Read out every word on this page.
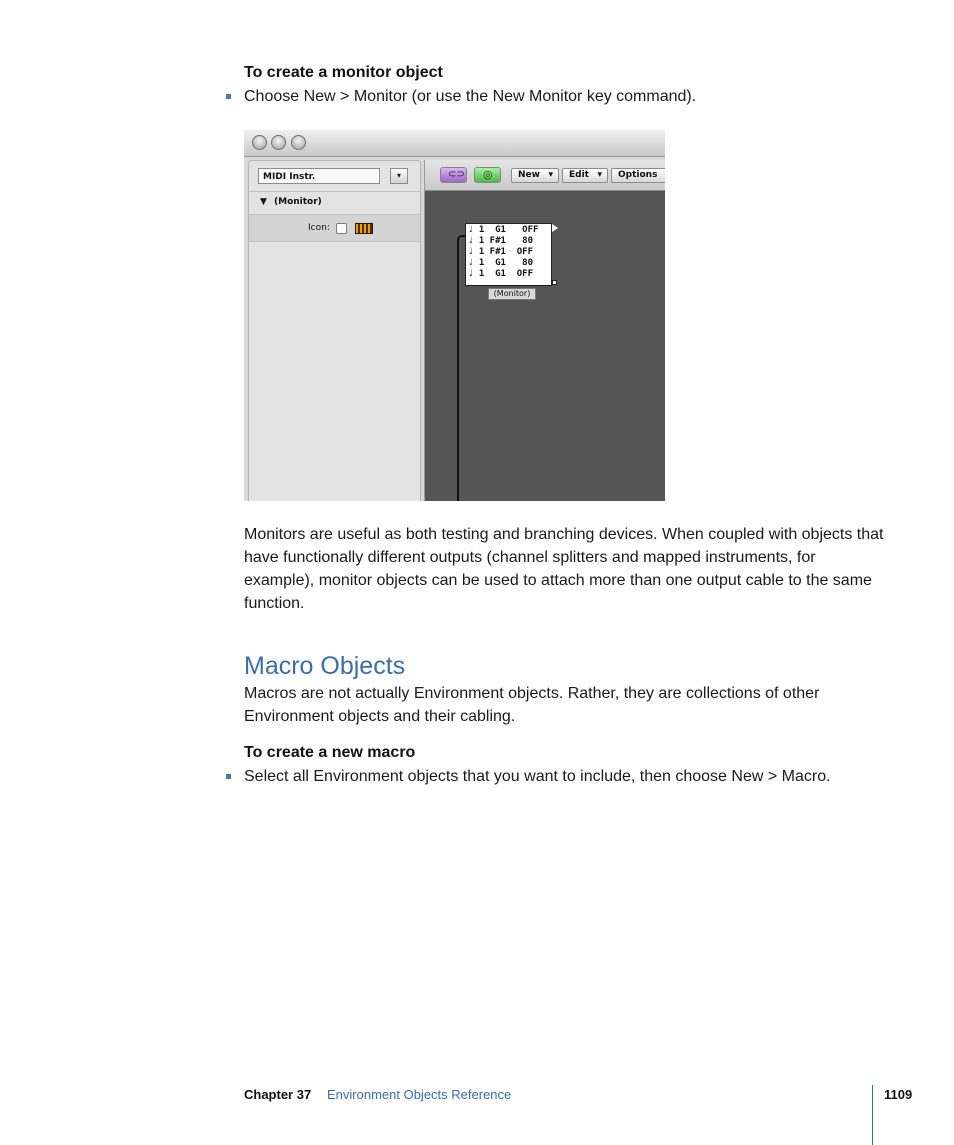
To create a monitor object
Choose New > Monitor (or use the New Monitor key command).
MIDI Instr.	▾
▼ (Monitor)
Icon:
⊂⊃ ◎	New ▾	Edit ▾	Options
♩ 1  G1   OFF
♩ 1 F#1   80
♩ 1 F#1  OFF
♩ 1  G1   80
♩ 1  G1  OFF
(Monitor)
Monitors are useful as both testing and branching devices. When coupled with objects that have functionally different outputs (channel splitters and mapped instruments, for example), monitor objects can be used to attach more than one output cable to the same function.
Macro Objects
Macros are not actually Environment objects. Rather, they are collections of other Environment objects and their cabling.
To create a new macro
Select all Environment objects that you want to include, then choose New > Macro.
Chapter 37 Environment Objects Reference	1109
